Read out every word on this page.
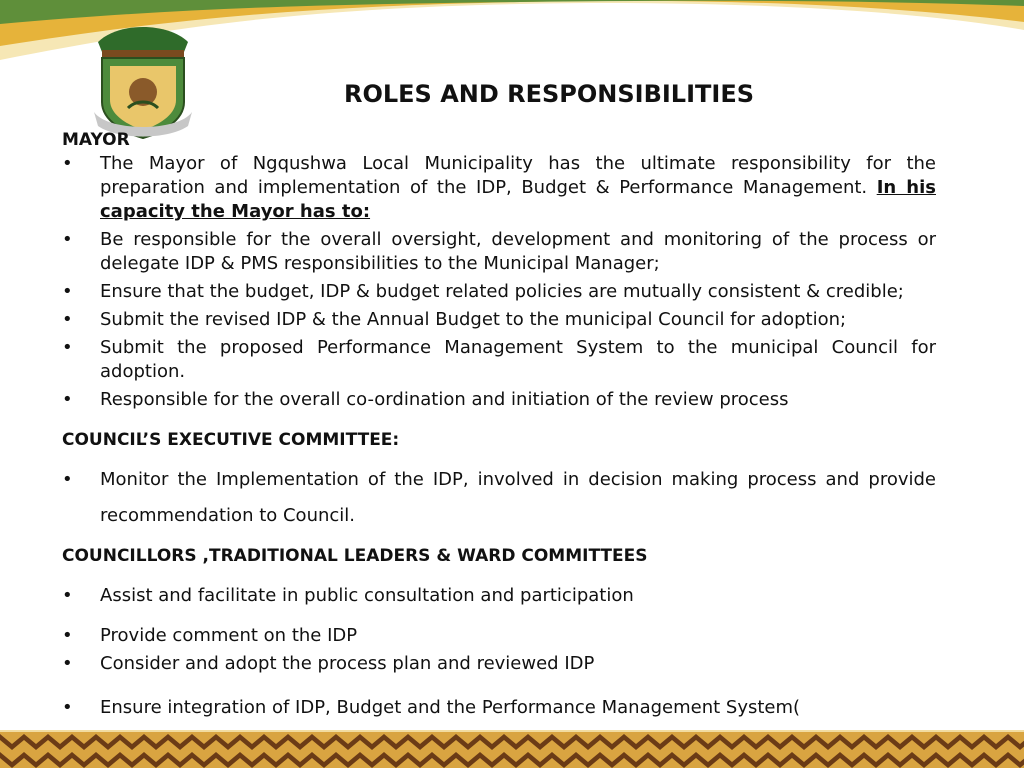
ROLES AND RESPONSIBILITIES

MAYOR

• The Mayor of Ngqushwa Local Municipality has the ultimate responsibility for the preparation and implementation of the IDP, Budget & Performance Management. In his capacity the Mayor has to:
• Be responsible for the overall oversight, development and monitoring of the process or delegate IDP & PMS responsibilities to the Municipal Manager;
• Ensure that the budget, IDP & budget related policies are mutually consistent & credible;
• Submit the revised IDP & the Annual Budget to the municipal Council for adoption;
• Submit the proposed Performance Management System to the municipal Council for adoption.
• Responsible for the overall co-ordination and initiation of the review process

COUNCIL’S EXECUTIVE COMMITTEE:

• Monitor the Implementation of the IDP, involved in decision making process and provide recommendation to Council.

COUNCILLORS ,TRADITIONAL LEADERS & WARD COMMITTEES

• Assist and facilitate in public consultation and participation
• Provide comment on the IDP
• Consider and adopt the process plan and reviewed IDP
• Ensure integration of IDP, Budget and the Performance Management System(
